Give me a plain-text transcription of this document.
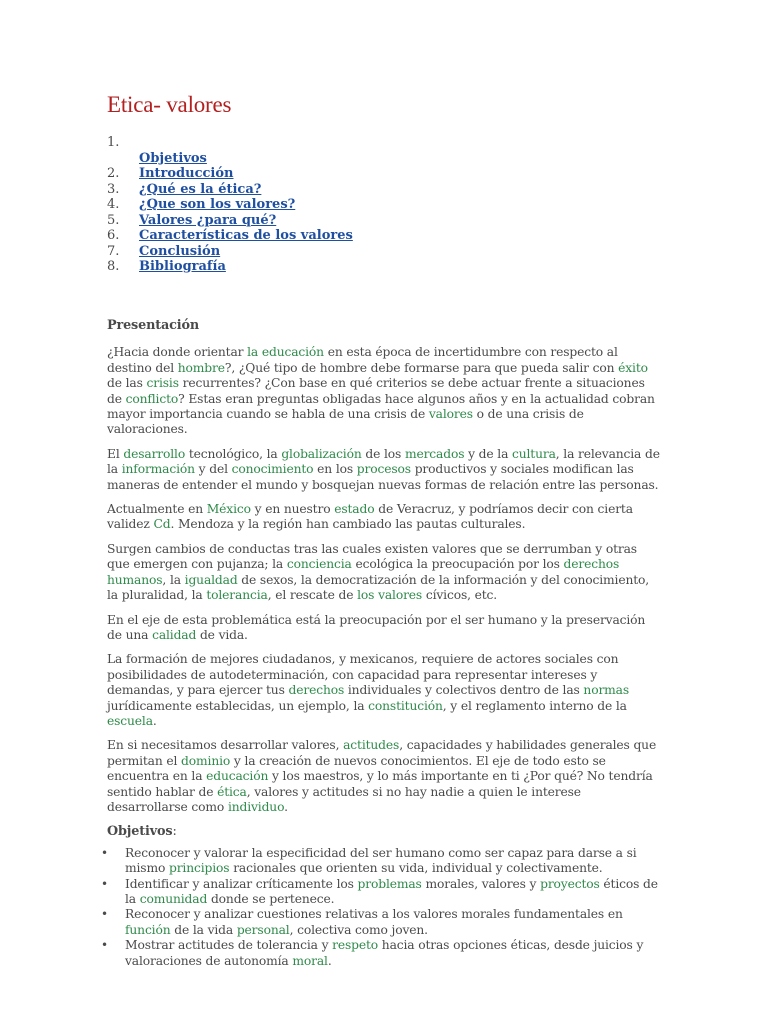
Etica- valores
1.
Objetivos
2.	Introducción
3.	¿Qué es la ética?
4.	¿Que son los valores?
5.	Valores ¿para qué?
6.	Características de los valores
7.	Conclusión
8.	Bibliografía
Presentación

¿Hacia donde orientar la educación en esta época de incertidumbre con respecto al destino del hombre?, ¿Qué tipo de hombre debe formarse para que pueda salir con éxito de las crisis recurrentes? ¿Con base en qué criterios se debe actuar frente a situaciones de conflicto? Estas eran preguntas obligadas hace algunos años y en la actualidad cobran mayor importancia cuando se habla de una crisis de valores o de una crisis de valoraciones.

El desarrollo tecnológico, la globalización de los mercados y de la cultura, la relevancia de la información y del conocimiento en los procesos productivos y sociales modifican las maneras de entender el mundo y bosquejan nuevas formas de relación entre las personas.

Actualmente en México y en nuestro estado de Veracruz, y podríamos decir con cierta validez Cd. Mendoza y la región han cambiado las pautas culturales.

Surgen cambios de conductas tras las cuales existen valores que se derrumban y otras que emergen con pujanza; la conciencia ecológica la preocupación por los derechos humanos, la igualdad de sexos, la democratización de la información y del conocimiento, la pluralidad, la tolerancia, el rescate de los valores cívicos, etc.

En el eje de esta problemática está la preocupación por el ser humano y la preservación de una calidad de vida.

La formación de mejores ciudadanos, y mexicanos, requiere de actores sociales con posibilidades de autodeterminación, con capacidad para representar intereses y demandas, y para ejercer tus derechos individuales y colectivos dentro de las normas jurídicamente establecidas, un ejemplo, la constitución, y el reglamento interno de la escuela.

En si necesitamos desarrollar valores, actitudes, capacidades y habilidades generales que permitan el dominio y la creación de nuevos conocimientos. El eje de todo esto se encuentra en la educación y los maestros, y lo más importante en ti ¿Por qué? No tendría sentido hablar de ética, valores y actitudes si no hay nadie a quien le interese desarrollarse como individuo.

Objetivos:
• Reconocer y valorar la especificidad del ser humano como ser capaz para darse a si mismo principios racionales que orienten su vida, individual y colectivamente.
• Identificar y analizar críticamente los problemas morales, valores y proyectos éticos de la comunidad donde se pertenece.
• Reconocer y analizar cuestiones relativas a los valores morales fundamentales en función de la vida personal, colectiva como joven.
• Mostrar actitudes de tolerancia y respeto hacia otras opciones éticas, desde juicios y valoraciones de autonomía moral.
